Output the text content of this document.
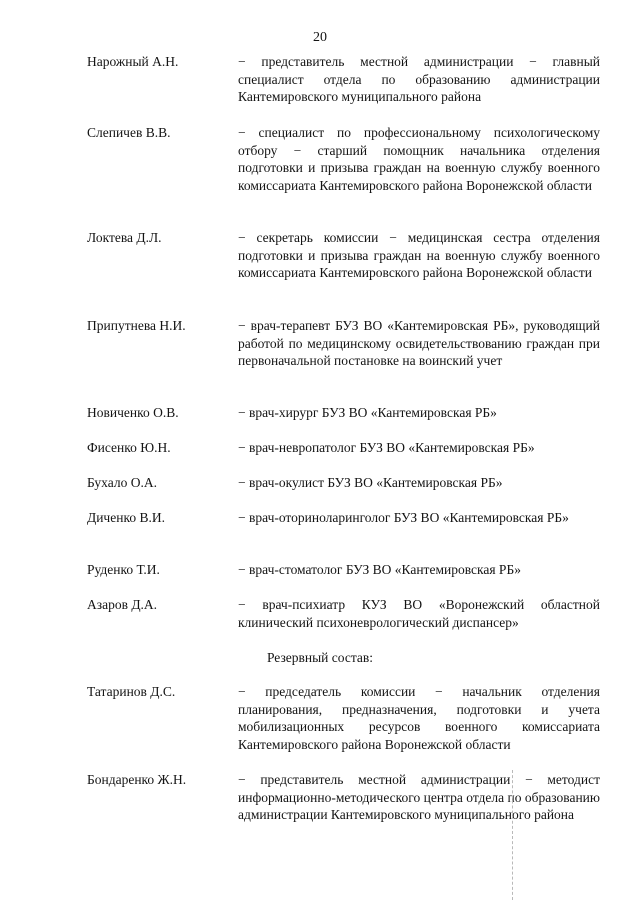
20
Нарожный А.Н.	− представитель местной администрации − главный специалист отдела по образованию администрации Кантемировского муниципального района
Слепичев В.В.	− специалист по профессиональному психологическому отбору − старший помощник начальника отделения подготовки и призыва граждан на военную службу военного комиссариата Кантемировского района Воронежской области
Локтева Д.Л.	− секретарь комиссии − медицинская сестра отделения подготовки и призыва граждан на военную службу военного комиссариата Кантемировского района Воронежской области
Припутнева Н.И.	− врач-терапевт БУЗ ВО «Кантемировская РБ», руководящий работой по медицинскому освидетельствованию граждан при первоначальной постановке на воинский учет
Новиченко О.В.	− врач-хирург БУЗ ВО «Кантемировская РБ»
Фисенко Ю.Н.	− врач-невропатолог БУЗ ВО «Кантемировская РБ»
Бухало О.А.	− врач-окулист БУЗ ВО «Кантемировская РБ»
Диченко В.И.	− врач-оториноларинголог БУЗ ВО «Кантемировская РБ»
Руденко Т.И.	− врач-стоматолог БУЗ ВО «Кантемировская РБ»
Азаров Д.А.	− врач-психиатр КУЗ ВО «Воронежский областной клинический психоневрологический диспансер»
Резервный состав:
Татаринов Д.С.	− председатель комиссии − начальник отделения планирования, предназначения, подготовки и учета мобилизационных ресурсов военного комиссариата Кантемировского района Воронежской области
Бондаренко Ж.Н.	− представитель местной администрации − методист информационно-методического центра отдела по образованию администрации Кантемировского муниципального района
